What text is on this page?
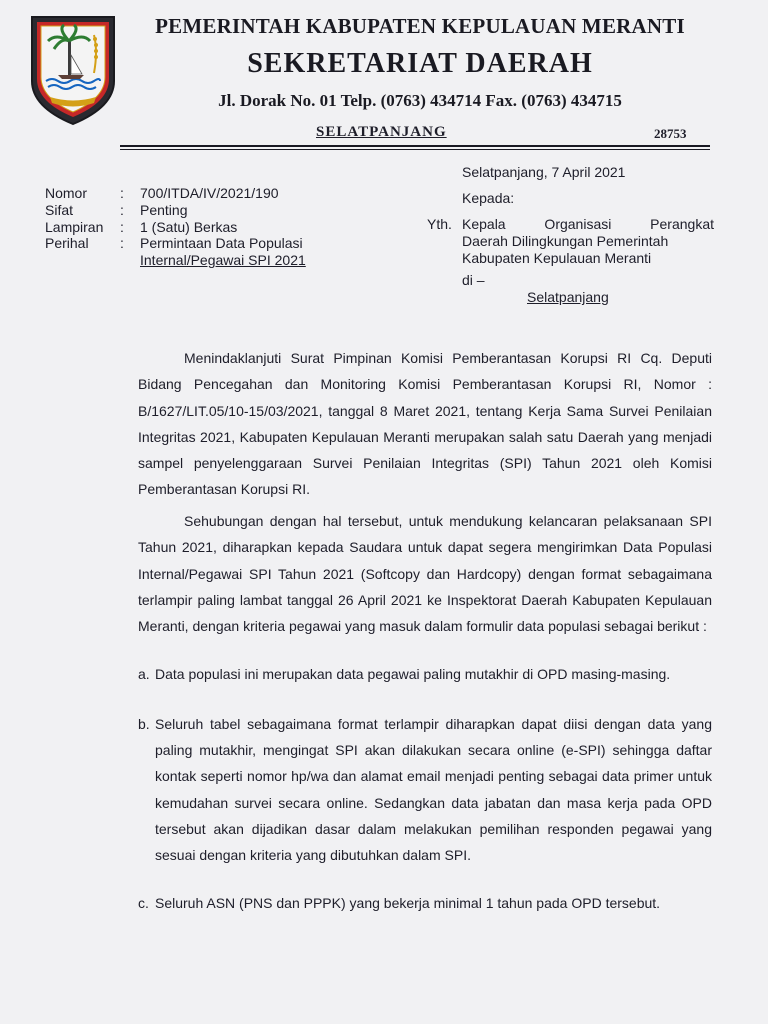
PEMERINTAH KABUPATEN KEPULAUAN MERANTI
SEKRETARIAT DAERAH
Jl. Dorak No. 01 Telp. (0763) 434714 Fax. (0763) 434715
SELATPANJANG	28753
Nomor : 700/ITDA/IV/2021/190
Sifat	: Penting
Lampiran : 1 (Satu) Berkas
Perihal : Permintaan Data Populasi
Internal/Pegawai SPI 2021
Selatpanjang, 7 April 2021
Kepada:
Yth. Kepala Organisasi Perangkat
Daerah Dilingkungan Pemerintah
Kabupaten Kepulauan Meranti
di –
Selatpanjang
Menindaklanjuti Surat Pimpinan Komisi Pemberantasan Korupsi RI Cq. Deputi Bidang Pencegahan dan Monitoring Komisi Pemberantasan Korupsi RI, Nomor : B/1627/LIT.05/10-15/03/2021, tanggal 8 Maret 2021, tentang Kerja Sama Survei Penilaian Integritas 2021, Kabupaten Kepulauan Meranti merupakan salah satu Daerah yang menjadi sampel penyelenggaraan Survei Penilaian Integritas (SPI) Tahun 2021 oleh Komisi Pemberantasan Korupsi RI.
Sehubungan dengan hal tersebut, untuk mendukung kelancaran pelaksanaan SPI Tahun 2021, diharapkan kepada Saudara untuk dapat segera mengirimkan Data Populasi Internal/Pegawai SPI Tahun 2021 (Softcopy dan Hardcopy) dengan format sebagaimana terlampir paling lambat tanggal 26 April 2021 ke Inspektorat Daerah Kabupaten Kepulauan Meranti, dengan kriteria pegawai yang masuk dalam formulir data populasi sebagai berikut :
a. Data populasi ini merupakan data pegawai paling mutakhir di OPD masing-masing.
b. Seluruh tabel sebagaimana format terlampir diharapkan dapat diisi dengan data yang paling mutakhir, mengingat SPI akan dilakukan secara online (e-SPI) sehingga daftar kontak seperti nomor hp/wa dan alamat email menjadi penting sebagai data primer untuk kemudahan survei secara online. Sedangkan data jabatan dan masa kerja pada OPD tersebut akan dijadikan dasar dalam melakukan pemilihan responden pegawai yang sesuai dengan kriteria yang dibutuhkan dalam SPI.
c. Seluruh ASN (PNS dan PPPK) yang bekerja minimal 1 tahun pada OPD tersebut.
